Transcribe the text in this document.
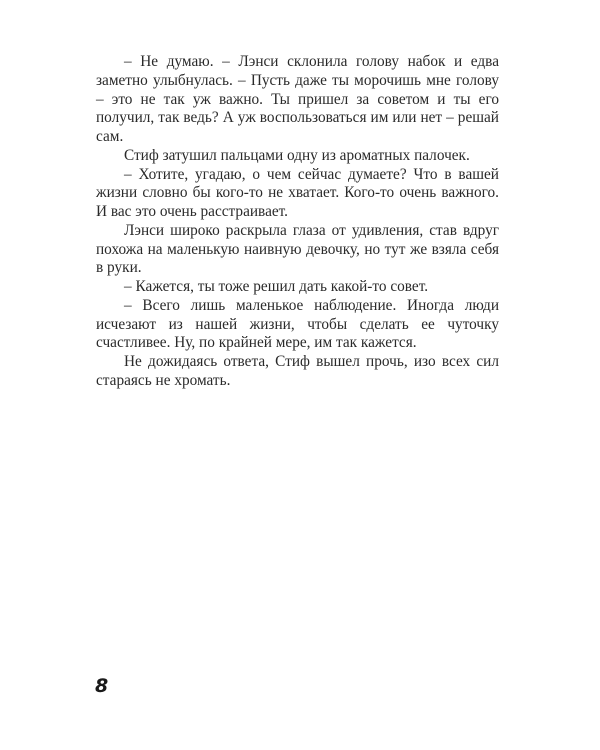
– Не думаю. – Лэнси склонила голову набок и едва заметно улыбнулась. – Пусть даже ты морочишь мне голову – это не так уж важно. Ты пришел за советом и ты его получил, так ведь? А уж воспользоваться им или нет – решай сам.

Стиф затушил пальцами одну из ароматных палочек.

– Хотите, угадаю, о чем сейчас думаете? Что в вашей жизни словно бы кого-то не хватает. Кого-то очень важного. И вас это очень расстраивает.

Лэнси широко раскрыла глаза от удивления, став вдруг похожа на маленькую наивную девочку, но тут же взяла себя в руки.

– Кажется, ты тоже решил дать какой-то совет.

– Всего лишь маленькое наблюдение. Иногда люди исчезают из нашей жизни, чтобы сделать ее чуточку счастливее. Ну, по крайней мере, им так кажется.

Не дожидаясь ответа, Стиф вышел прочь, изо всех сил стараясь не хромать.

8
